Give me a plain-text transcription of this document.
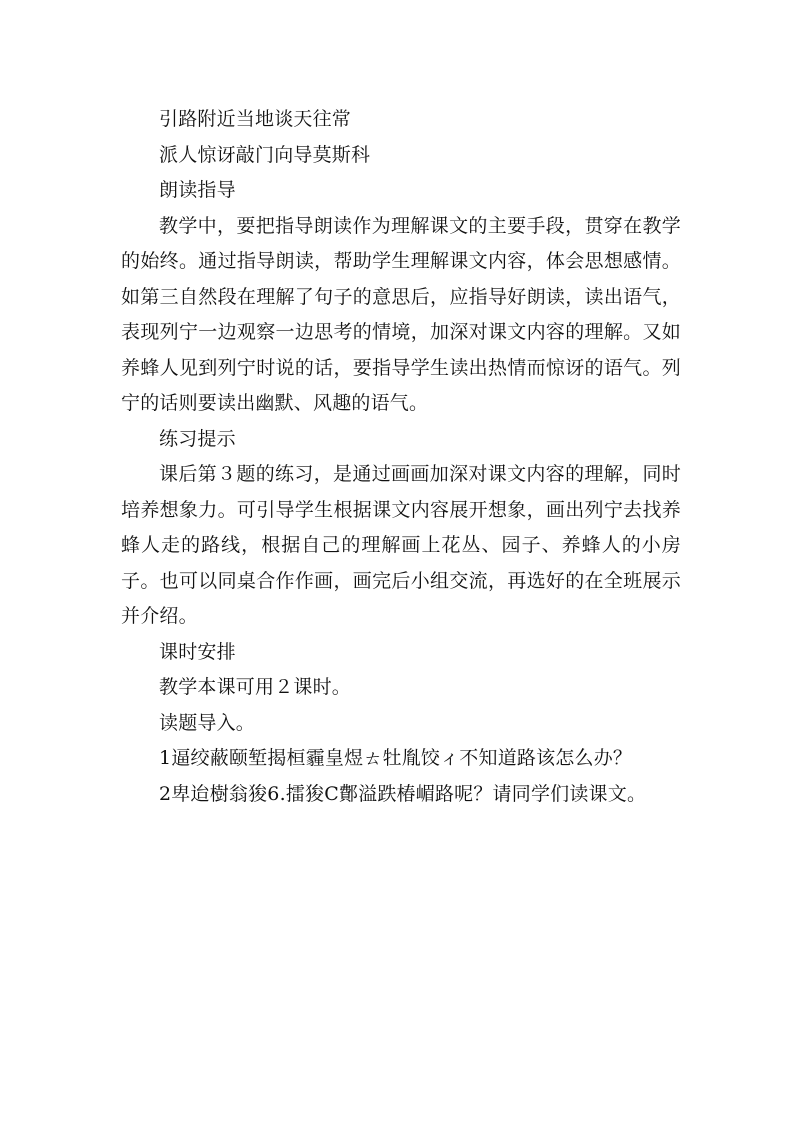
引路附近当地谈天往常

派人惊讶敲门向导莫斯科

朗读指导

教学中，要把指导朗读作为理解课文的主要手段，贯穿在教学的始终。通过指导朗读，帮助学生理解课文内容，体会思想感情。如第三自然段在理解了句子的意思后，应指导好朗读，读出语气，表现列宁一边观察一边思考的情境，加深对课文内容的理解。又如养蜂人见到列宁时说的话，要指导学生读出热情而惊讶的语气。列宁的话则要读出幽默、风趣的语气。

练习提示

课后第３题的练习，是通过画画加深对课文内容的理解，同时培养想象力。可引导学生根据课文内容展开想象，画出列宁去找养蜂人走的路线，根据自己的理解画上花丛、园子、养蜂人的小房子。也可以同桌合作作画，画完后小组交流，再选好的在全班展示并介绍。

课时安排

教学本课可用２课时。

读题导入。

1逼绞蔽颐堑揭桓霾皇煜ㄊ牡胤饺ィ不知道路该怎么办？

2卑迨樹翁狻6.擂狻С鄪溢跌椿嵋路呢？请同学们读课文。
